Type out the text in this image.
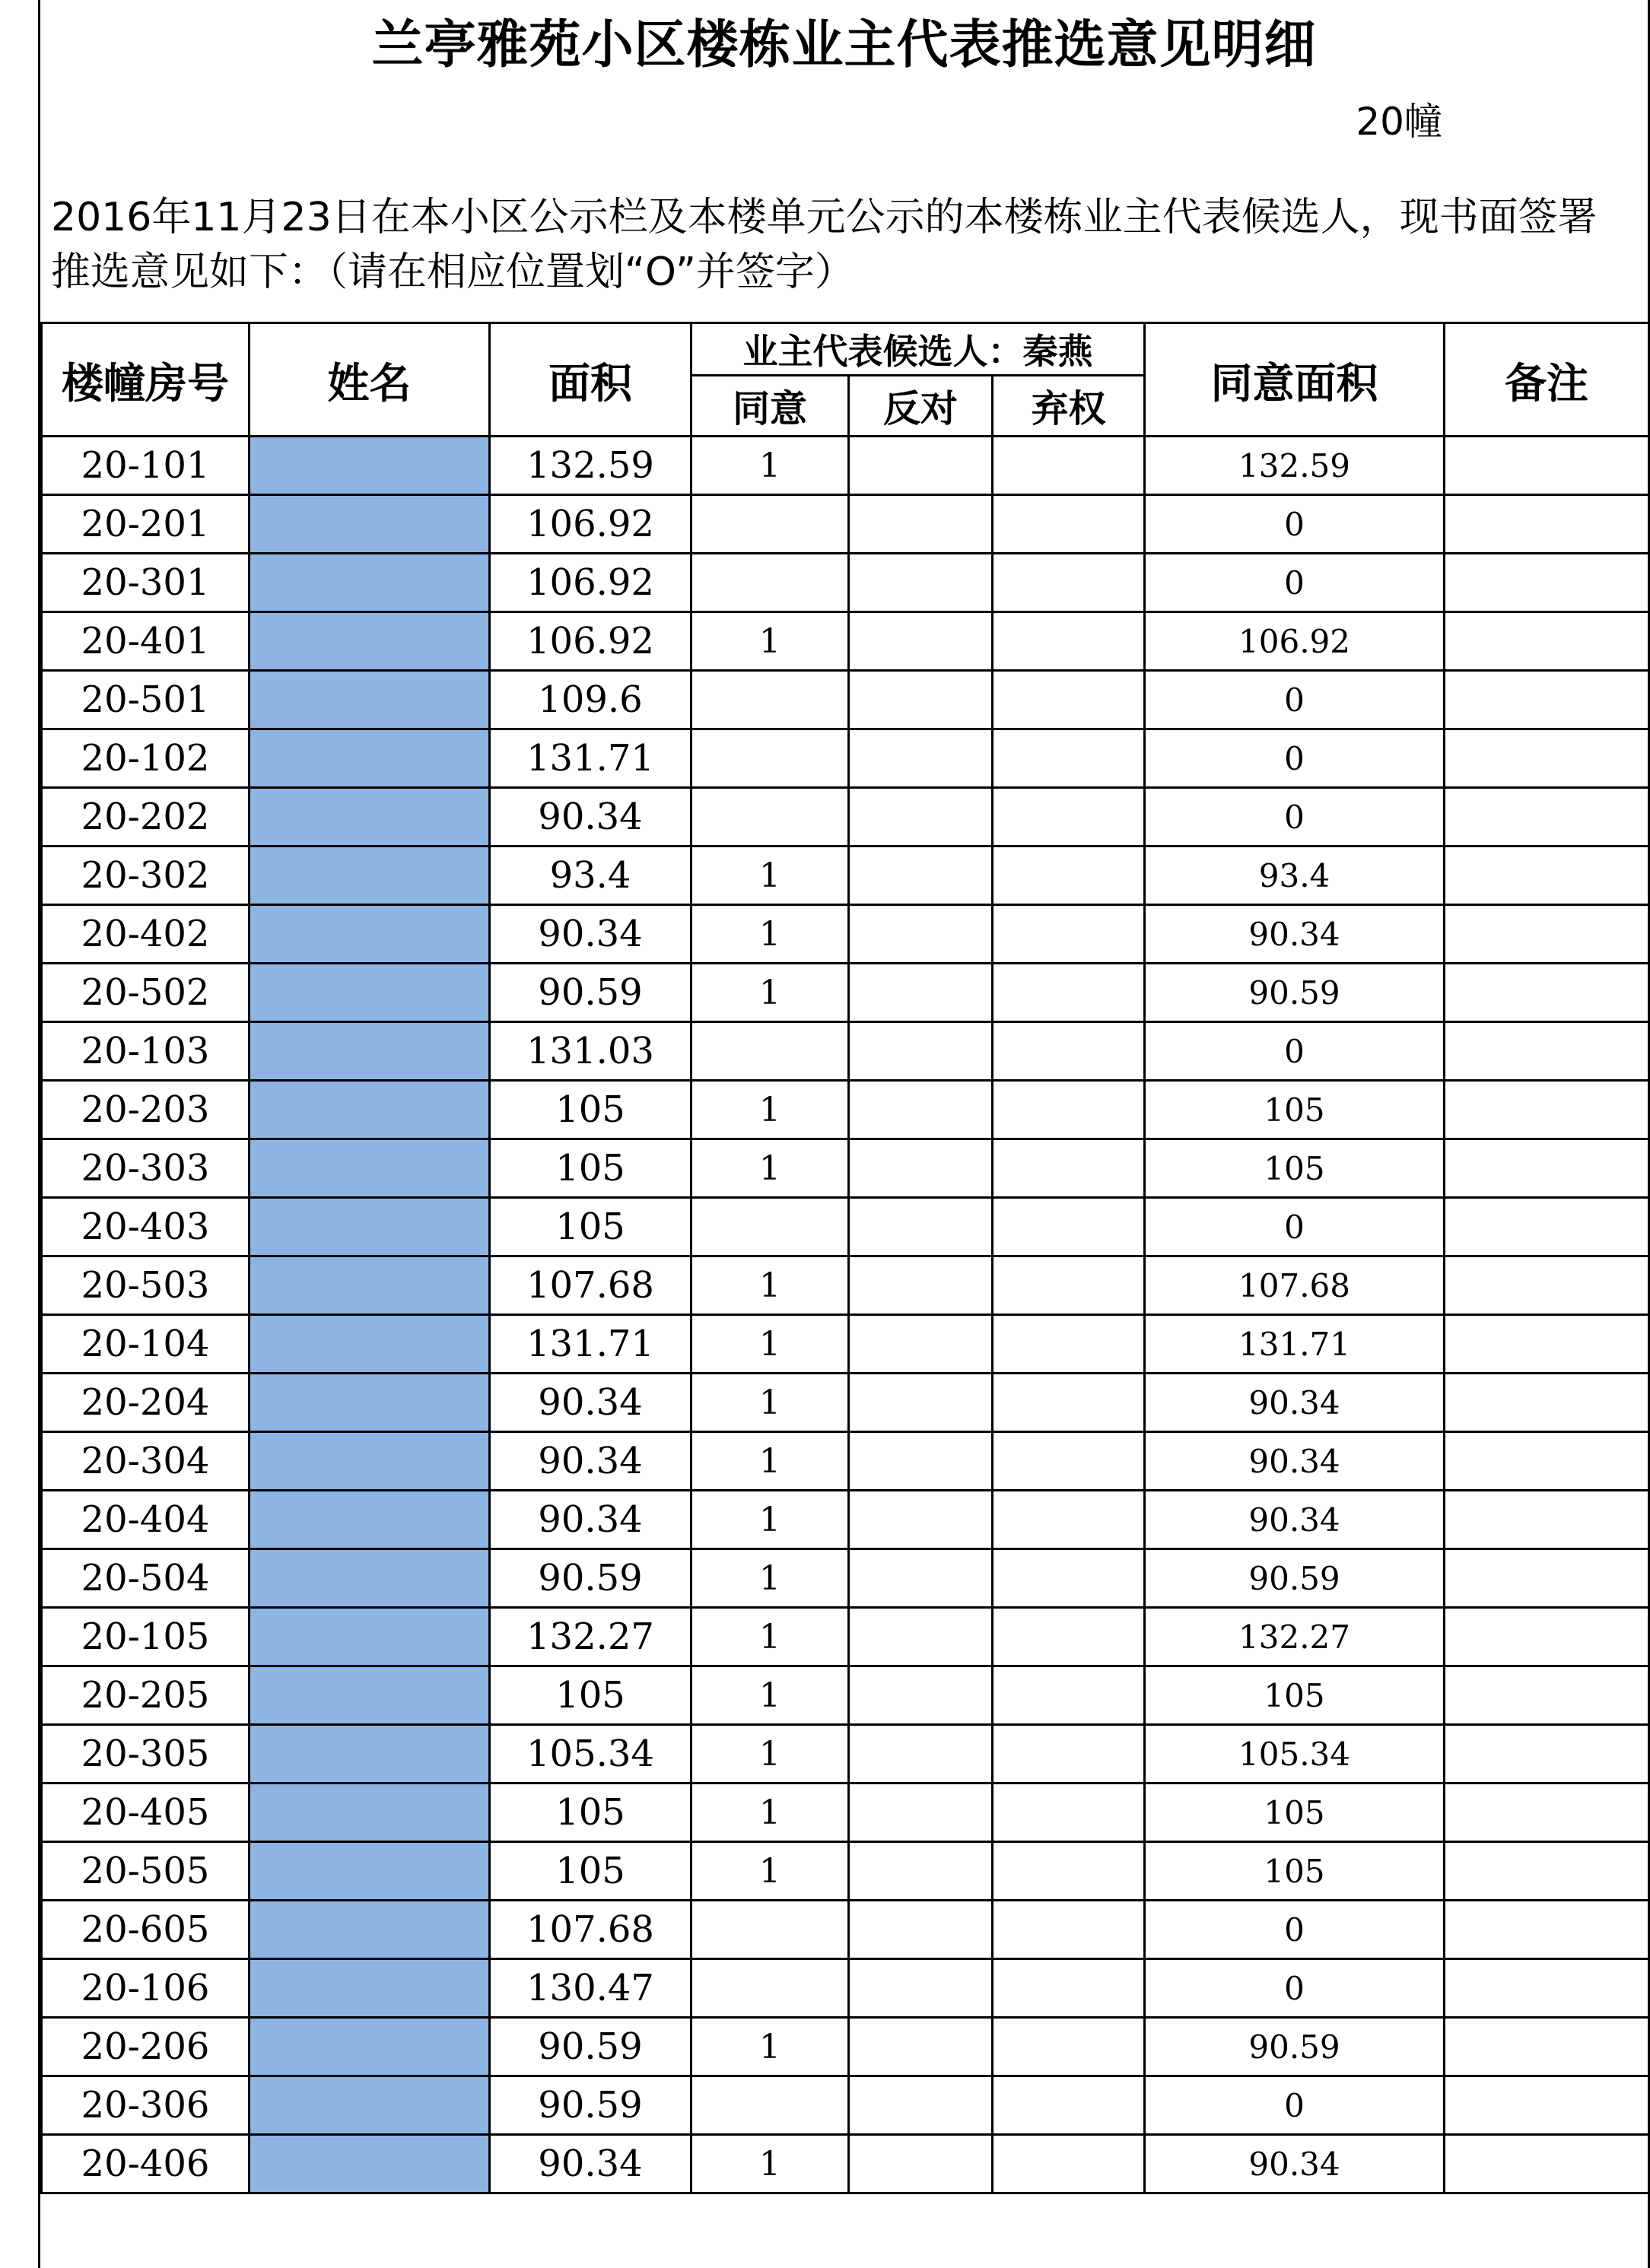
兰亭雅苑小区楼栋业主代表推选意见明细
20幢
2016年11月23日在本小区公示栏及本楼单元公示的本楼栋业主代表候选人，现书面签署推选意见如下：（请在相应位置划“O”并签字）
楼幢房号	姓名	面积	业主代表候选人：秦燕			同意面积	备注
			同意	反对	弃权		
20-101		132.59	1			132.59	
20-201		106.92				0	
20-301		106.92				0	
20-401		106.92	1			106.92	
20-501		109.6				0	
20-102		131.71				0	
20-202		90.34				0	
20-302		93.4	1			93.4	
20-402		90.34	1			90.34	
20-502		90.59	1			90.59	
20-103		131.03				0	
20-203		105	1			105	
20-303		105	1			105	
20-403		105				0	
20-503		107.68	1			107.68	
20-104		131.71	1			131.71	
20-204		90.34	1			90.34	
20-304		90.34	1			90.34	
20-404		90.34	1			90.34	
20-504		90.59	1			90.59	
20-105		132.27	1			132.27	
20-205		105	1			105	
20-305		105.34	1			105.34	
20-405		105	1			105	
20-505		105	1			105	
20-605		107.68				0	
20-106		130.47				0	
20-206		90.59	1			90.59	
20-306		90.59				0	
20-406		90.34	1			90.34	
